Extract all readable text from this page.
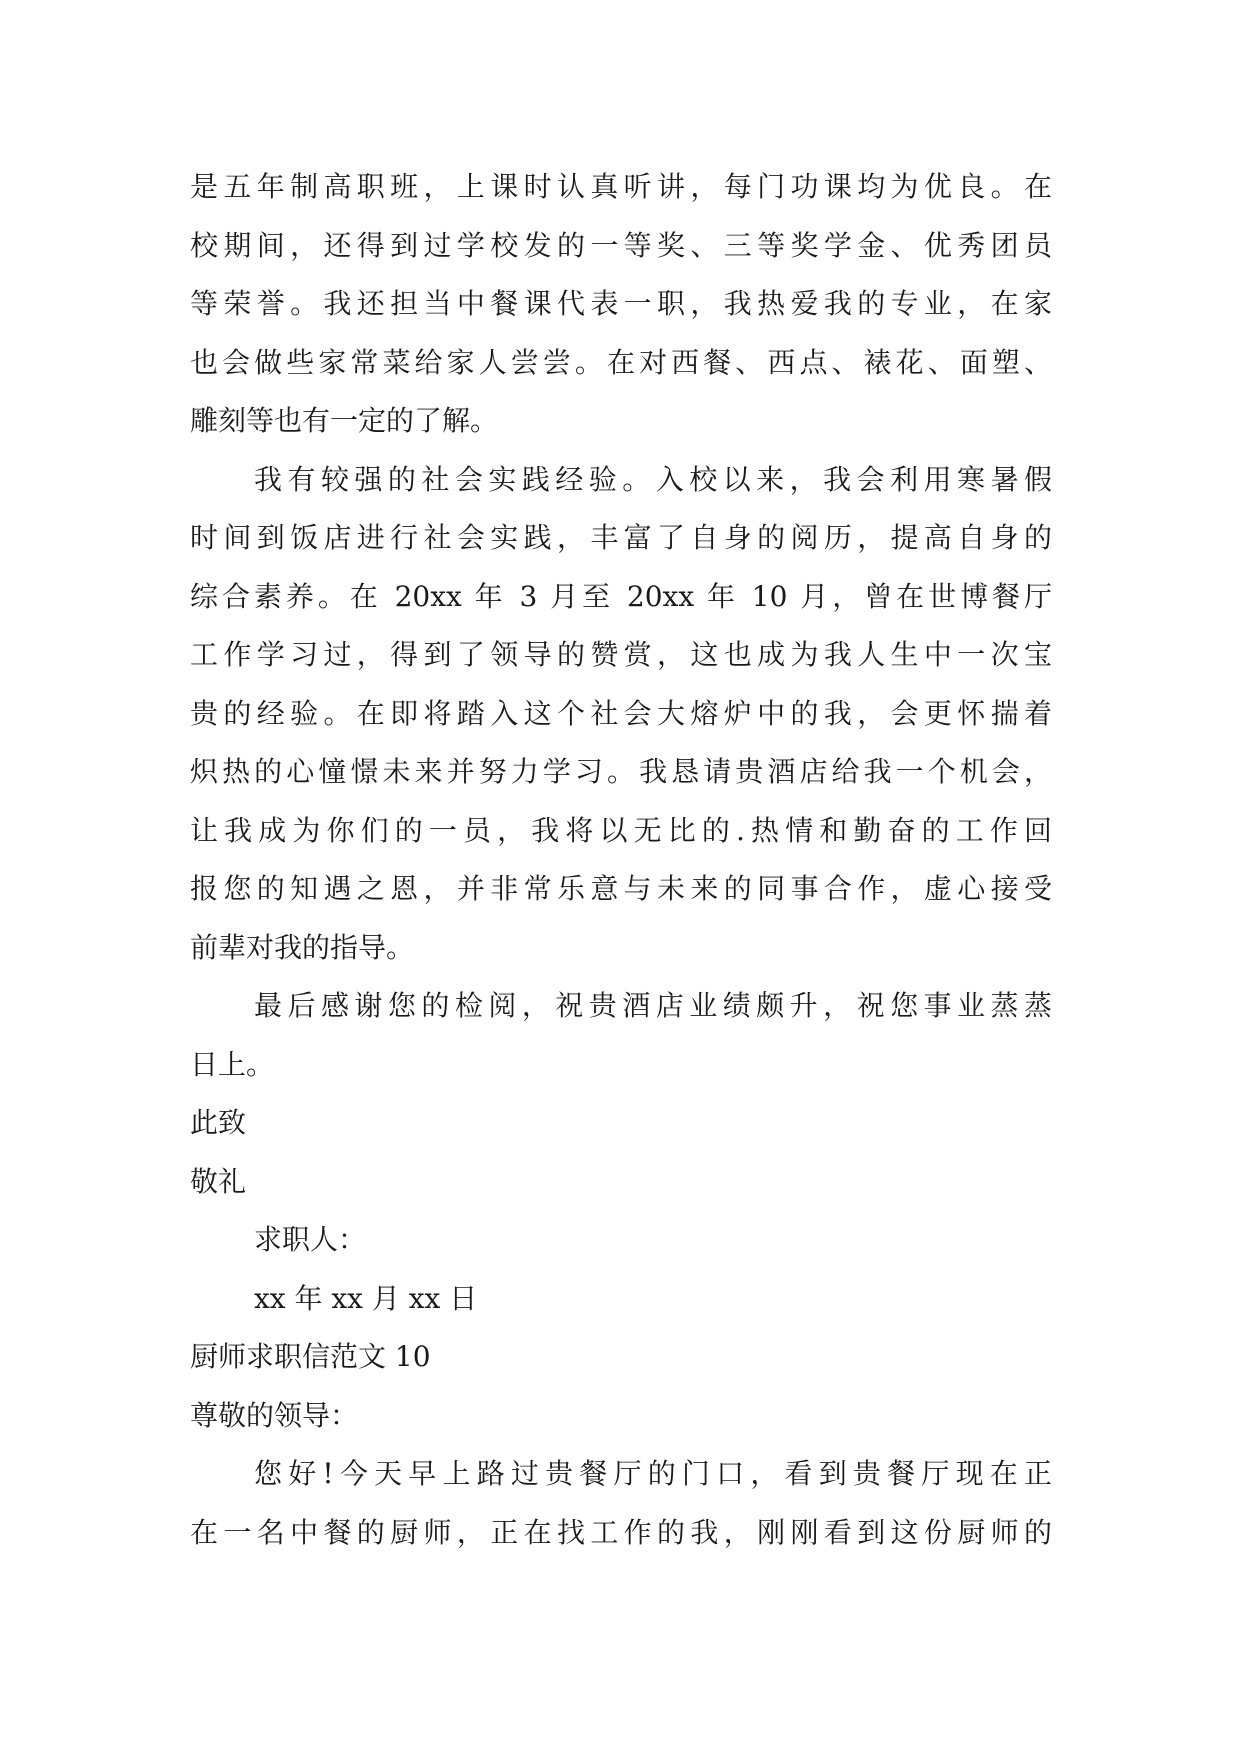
是五年制高职班，上课时认真听讲，每门功课均为优良。在
校期间，还得到过学校发的一等奖、三等奖学金、优秀团员
等荣誉。我还担当中餐课代表一职，我热爱我的专业，在家
也会做些家常菜给家人尝尝。在对西餐、西点、裱花、面塑、
雕刻等也有一定的了解。
我有较强的社会实践经验。入校以来，我会利用寒暑假
时间到饭店进行社会实践，丰富了自身的阅历，提高自身的
综合素养。在 20xx 年 3 月至 20xx 年 10 月，曾在世博餐厅
工作学习过，得到了领导的赞赏，这也成为我人生中一次宝
贵的经验。在即将踏入这个社会大熔炉中的我，会更怀揣着
炽热的心憧憬未来并努力学习。我恳请贵酒店给我一个机会，
让我成为你们的一员，我将以无比的.热情和勤奋的工作回
报您的知遇之恩，并非常乐意与未来的同事合作，虚心接受
前辈对我的指导。
最后感谢您的检阅，祝贵酒店业绩颇升，祝您事业蒸蒸
日上。
此致
敬礼
求职人：
xx 年 xx 月 xx 日
厨师求职信范文 10
尊敬的领导：
您好!今天早上路过贵餐厅的门口，看到贵餐厅现在正
在一名中餐的厨师，正在找工作的我，刚刚看到这份厨师的
